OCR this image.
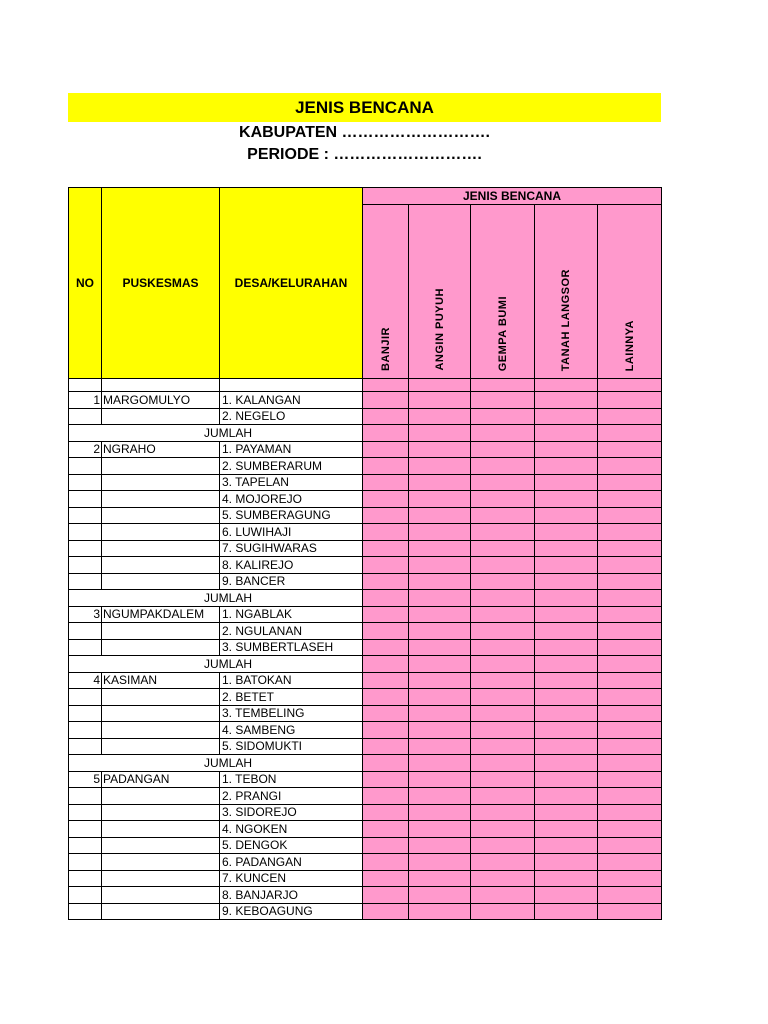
JENIS BENCANA
KABUPATEN ……………………….
PERIODE : ……………………….
NO	PUSKESMAS	DESA/KELURAHAN	JENIS BENCANA				
			BANJIR	ANGIN PUYUH	GEMPA BUMI	TANAH LANGSOR	LAINNYA

1	MARGOMULYO	1. KALANGAN					
		2. NEGELO					
JUMLAH							
2	NGRAHO	1. PAYAMAN					
		2. SUMBERARUM					
		3. TAPELAN					
		4. MOJOREJO					
		5. SUMBERAGUNG					
		6. LUWIHAJI					
		7. SUGIHWARAS					
		8. KALIREJO					
		9. BANCER					
JUMLAH							
3	NGUMPAKDALEM	1. NGABLAK					
		2. NGULANAN					
		3. SUMBERTLASEH					
JUMLAH							
4	KASIMAN	1. BATOKAN					
		2. BETET					
		3. TEMBELING					
		4. SAMBENG					
		5. SIDOMUKTI					
JUMLAH							
5	PADANGAN	1. TEBON					
		2. PRANGI					
		3. SIDOREJO					
		4. NGOKEN					
		5. DENGOK					
		6. PADANGAN					
		7. KUNCEN					
		8. BANJARJO					
		9. KEBOAGUNG					
